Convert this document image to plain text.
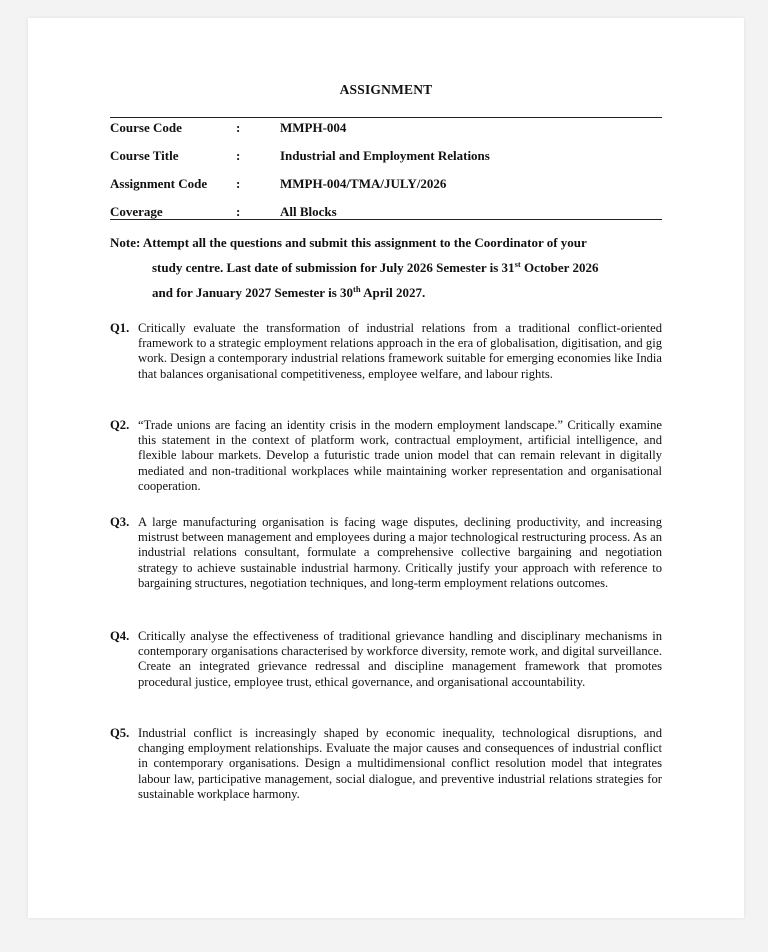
ASSIGNMENT
Course Code	:	MMPH-004
Course Title	:	Industrial and Employment Relations
Assignment Code :	MMPH-004/TMA/JULY/2026
Coverage	:	All Blocks
Note: Attempt all the questions and submit this assignment to the Coordinator of your
study centre. Last date of submission for July 2026 Semester is 31st October 2026
and for January 2027 Semester is 30th April 2027.
Q1. Critically evaluate the transformation of industrial relations from a traditional conflict-oriented framework to a strategic employment relations approach in the era of globalisation, digitisation, and gig work. Design a contemporary industrial relations framework suitable for emerging economies like India that balances organisational competitiveness, employee welfare, and labour rights.
Q2. “Trade unions are facing an identity crisis in the modern employment landscape.” Critically examine this statement in the context of platform work, contractual employment, artificial intelligence, and flexible labour markets. Develop a futuristic trade union model that can remain relevant in digitally mediated and non-traditional workplaces while maintaining worker representation and organisational cooperation.
Q3. A large manufacturing organisation is facing wage disputes, declining productivity, and increasing mistrust between management and employees during a major technological restructuring process. As an industrial relations consultant, formulate a comprehensive collective bargaining and negotiation strategy to achieve sustainable industrial harmony. Critically justify your approach with reference to bargaining structures, negotiation techniques, and long-term employment relations outcomes.
Q4. Critically analyse the effectiveness of traditional grievance handling and disciplinary mechanisms in contemporary organisations characterised by workforce diversity, remote work, and digital surveillance. Create an integrated grievance redressal and discipline management framework that promotes procedural justice, employee trust, ethical governance, and organisational accountability.
Q5. Industrial conflict is increasingly shaped by economic inequality, technological disruptions, and changing employment relationships. Evaluate the major causes and consequences of industrial conflict in contemporary organisations. Design a multidimensional conflict resolution model that integrates labour law, participative management, social dialogue, and preventive industrial relations strategies for sustainable workplace harmony.
